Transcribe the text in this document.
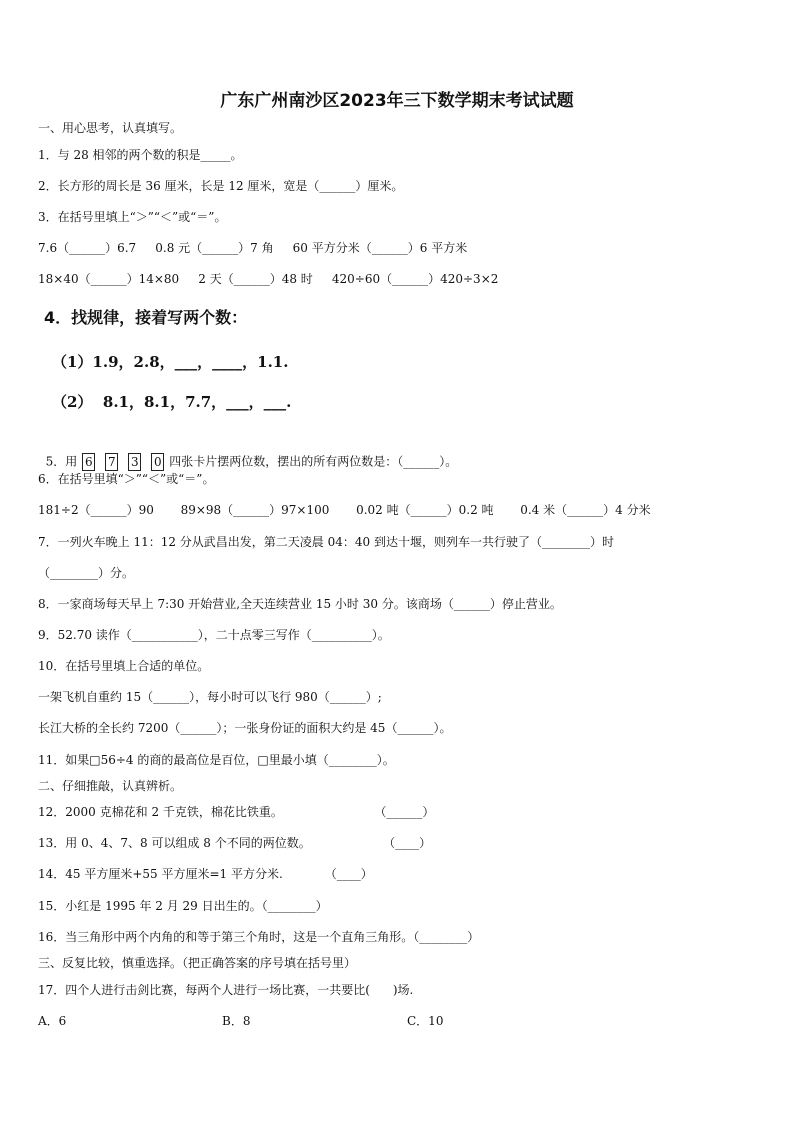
广东广州南沙区2023年三下数学期末考试试题
一、用心思考，认真填写。
1．与 28 相邻的两个数的积是_____。
2．长方形的周长是 36 厘米，长是 12 厘米，宽是（______）厘米。
3．在括号里填上“＞”“＜”或“＝”。
7.6（______）6.7     0.8 元（______）7 角     60 平方分米（______）6 平方米
18×40（______）14×80     2 天（______）48 时     420÷60（______）420÷3×2
4．找规律，接着写两个数：
（1）1.9，2.8，___，____，1.1.
（2）  8.1，8.1，7.7，___，___.

5．用 6 7 3 0 四张卡片摆两位数，摆出的所有两位数是：（______）。

6．在括号里填“＞”“＜”或“＝”。
181÷2（______）90       89×98（______）97×100       0.02 吨（______）0.2 吨       0.4 米（______）4 分米
7．一列火车晚上 11：12 分从武昌出发，第二天凌晨 04：40 到达十堰，则列车一共行驶了（________）时
（________）分。
8．一家商场每天早上 7:30 开始营业,全天连续营业 15 小时 30 分。该商场（______）停止营业。
9．52.70 读作（___________），二十点零三写作（__________）。
10．在括号里填上合适的单位。
一架飞机自重约 15（______），每小时可以飞行 980（______）;
长江大桥的全长约 7200（______）；一张身份证的面积大约是 45（______）。
11．如果□56÷4 的商的最高位是百位，□里最小填（________）。
二、仔细推敲，认真辨析。
12．2000 克棉花和 2 千克铁，棉花比铁重。                        （______）
13．用 0、4、7、8 可以组成 8 个不同的两位数。                   （____）
14．45 平方厘米+55 平方厘米=1 平方分米.           （____）
15．小红是 1995 年 2 月 29 日出生的。（________）
16．当三角形中两个内角的和等于第三个角时，这是一个直角三角形。（________）
三、反复比较，慎重选择。（把正确答案的序号填在括号里）
17．四个人进行击剑比赛，每两个人进行一场比赛，一共要比(      )场.
A．6	B．8	C．10
